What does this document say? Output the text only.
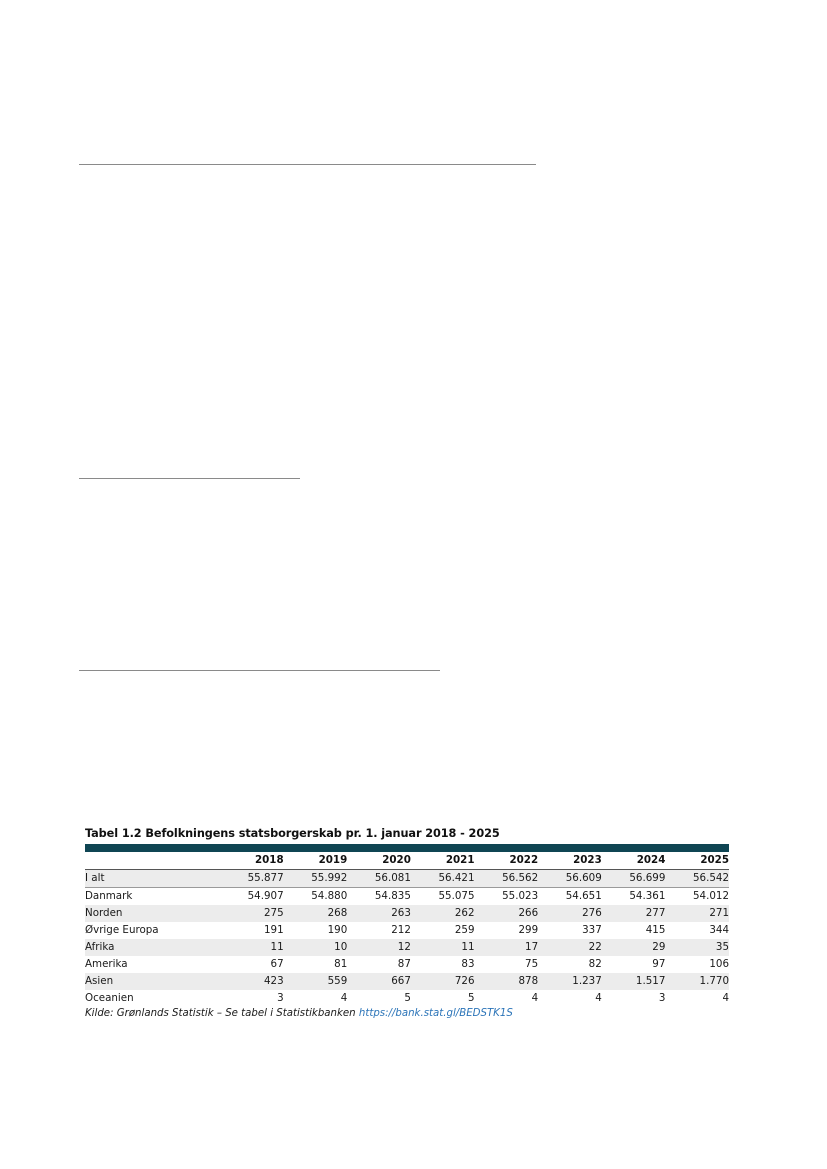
Tabel 1.2 Befolkningens statsborgerskab pr. 1. januar 2018 - 2025
	2018	2019	2020	2021	2022	2023	2024	2025
I alt	55.877	55.992	56.081	56.421	56.562	56.609	56.699	56.542
Danmark	54.907	54.880	54.835	55.075	55.023	54.651	54.361	54.012
Norden	275	268	263	262	266	276	277	271
Øvrige Europa	191	190	212	259	299	337	415	344
Afrika	11	10	12	11	17	22	29	35
Amerika	67	81	87	83	75	82	97	106
Asien	423	559	667	726	878	1.237	1.517	1.770
Oceanien	3	4	5	5	4	4	3	4
Kilde: Grønlands Statistik – Se tabel i Statistikbanken https://bank.stat.gl/BEDSTK1S
